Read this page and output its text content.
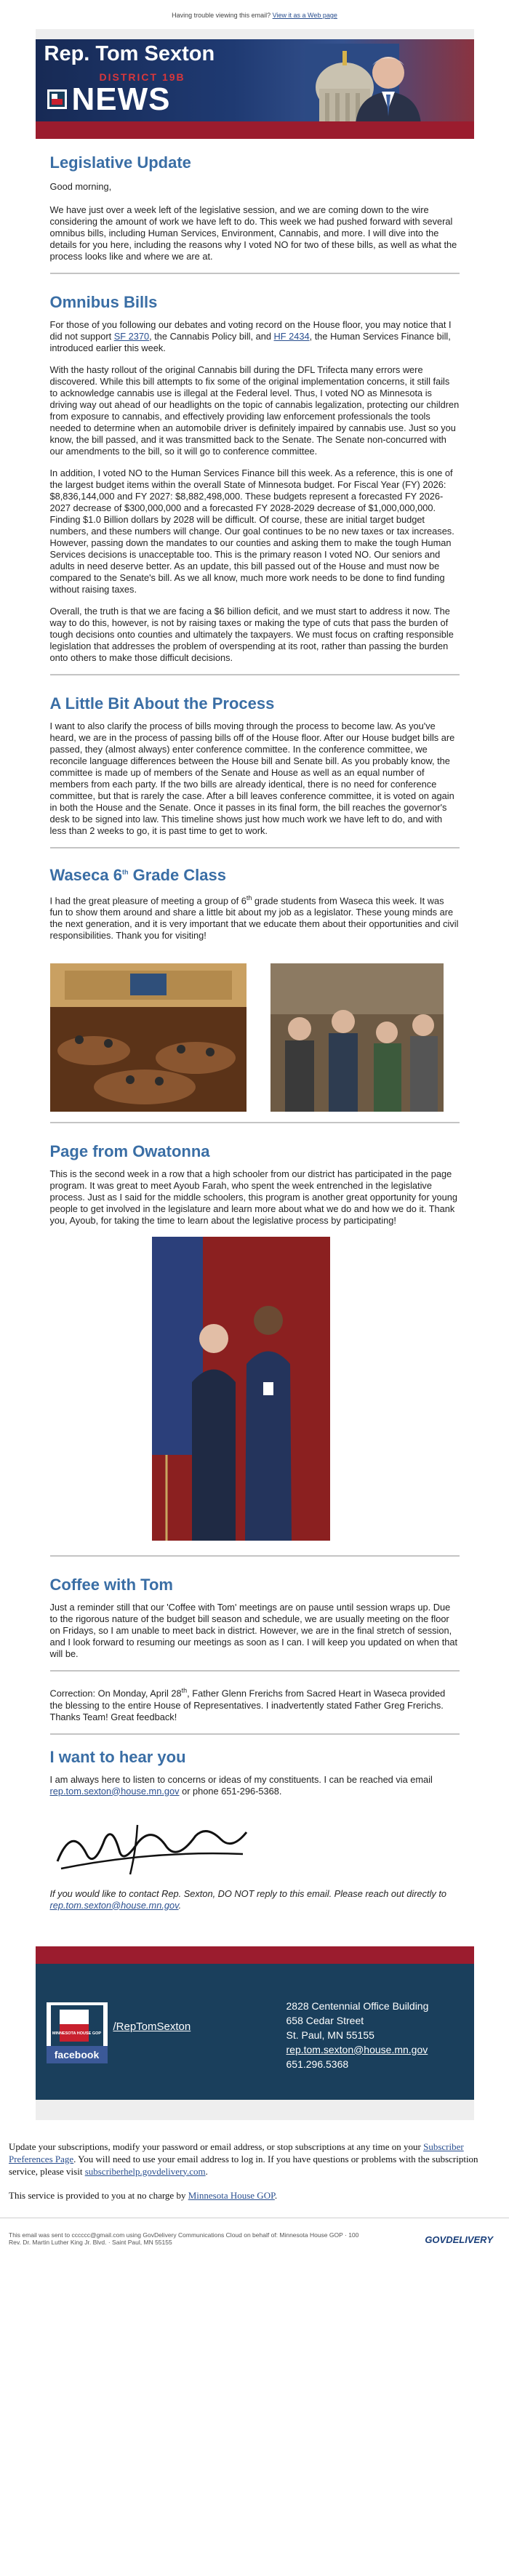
Having trouble viewing this email? View it as a Web page
Rep. Tom Sexton
DISTRICT 19B
NEWS
Legislative Update

Good morning,

We have just over a week left of the legislative session, and we are coming down to the wire considering the amount of work we have left to do. This week we had pushed forward with several omnibus bills, including Human Services, Environment, Cannabis, and more. I will dive into the details for you here, including the reasons why I voted NO for two of these bills, as well as what the process looks like and where we are at.

Omnibus Bills

For those of you following our debates and voting record on the House floor, you may notice that I did not support SF 2370, the Cannabis Policy bill, and HF 2434, the Human Services Finance bill, introduced earlier this week.

With the hasty rollout of the original Cannabis bill during the DFL Trifecta many errors were discovered. While this bill attempts to fix some of the original implementation concerns, it still fails to acknowledge cannabis use is illegal at the Federal level. Thus, I voted NO as Minnesota is driving way out ahead of our headlights on the topic of cannabis legalization, protecting our children from exposure to cannabis, and effectively providing law enforcement professionals the tools needed to determine when an automobile driver is definitely impaired by cannabis use. Just so you know, the bill passed, and it was transmitted back to the Senate. The Senate non-concurred with our amendments to the bill, so it will go to conference committee.

In addition, I voted NO to the Human Services Finance bill this week. As a reference, this is one of the largest budget items within the overall State of Minnesota budget. For Fiscal Year (FY) 2026: $8,836,144,000 and FY 2027: $8,882,498,000. These budgets represent a forecasted FY 2026-2027 decrease of $300,000,000 and a forecasted FY 2028-2029 decrease of $1,000,000,000. Finding $1.0 Billion dollars by 2028 will be difficult. Of course, these are initial target budget numbers, and these numbers will change. Our goal continues to be no new taxes or tax increases. However, passing down the mandates to our counties and asking them to make the tough Human Services decisions is unacceptable too. This is the primary reason I voted NO. Our seniors and adults in need deserve better. As an update, this bill passed out of the House and must now be compared to the Senate's bill. As we all know, much more work needs to be done to find funding without raising taxes.

Overall, the truth is that we are facing a $6 billion deficit, and we must start to address it now. The way to do this, however, is not by raising taxes or making the type of cuts that pass the burden of tough decisions onto counties and ultimately the taxpayers. We must focus on crafting responsible legislation that addresses the problem of overspending at its root, rather than passing the burden onto others to make those difficult decisions.

A Little Bit About the Process

I want to also clarify the process of bills moving through the process to become law. As you've heard, we are in the process of passing bills off of the House floor. After our House budget bills are passed, they (almost always) enter conference committee. In the conference committee, we reconcile language differences between the House bill and Senate bill. As you probably know, the committee is made up of members of the Senate and House as well as an equal number of members from each party. If the two bills are already identical, there is no need for conference committee, but that is rarely the case. After a bill leaves conference committee, it is voted on again in both the House and the Senate. Once it passes in its final form, the bill reaches the governor's desk to be signed into law. This timeline shows just how much work we have left to do, and with less than 2 weeks to go, it is past time to get to work.

Waseca 6th Grade Class

I had the great pleasure of meeting a group of 6th grade students from Waseca this week. It was fun to show them around and share a little bit about my job as a legislator. These young minds are the next generation, and it is very important that we educate them about their opportunities and civil responsibilities. Thank you for visiting!

Page from Owatonna

This is the second week in a row that a high schooler from our district has participated in the page program. It was great to meet Ayoub Farah, who spent the week entrenched in the legislative process. Just as I said for the middle schoolers, this program is another great opportunity for young people to get involved in the legislature and learn more about what we do and how we do it. Thank you, Ayoub, for taking the time to learn about the legislative process by participating!

Coffee with Tom

Just a reminder still that our 'Coffee with Tom' meetings are on pause until session wraps up. Due to the rigorous nature of the budget bill season and schedule, we are usually meeting on the floor on Fridays, so I am unable to meet back in district. However, we are in the final stretch of session, and I look forward to resuming our meetings as soon as I can. I will keep you updated on when that will be.

Correction: On Monday, April 28th, Father Glenn Frerichs from Sacred Heart in Waseca provided the blessing to the entire House of Representatives. I inadvertently stated Father Greg Frerichs. Thanks Team! Great feedback!

I want to hear you

I am always here to listen to concerns or ideas of my constituents. I can be reached via email rep.tom.sexton@house.mn.gov or phone 651-296-5368.

If you would like to contact Rep. Sexton, DO NOT reply to this email. Please reach out directly to rep.tom.sexton@house.mn.gov.

MINNESOTA HOUSE GOP
facebook
/RepTomSexton
2828 Centennial Office Building
658 Cedar Street
St. Paul, MN 55155
rep.tom.sexton@house.mn.gov
651.296.5368

Update your subscriptions, modify your password or email address, or stop subscriptions at any time on your Subscriber Preferences Page. You will need to use your email address to log in. If you have questions or problems with the subscription service, please visit subscriberhelp.govdelivery.com.

This service is provided to you at no charge by Minnesota House GOP.

This email was sent to cccccc@gmail.com using GovDelivery Communications Cloud on behalf of: Minnesota House GOP · 100
Rev. Dr. Martin Luther King Jr. Blvd. · Saint Paul, MN 55155	GOVDELIVERY
